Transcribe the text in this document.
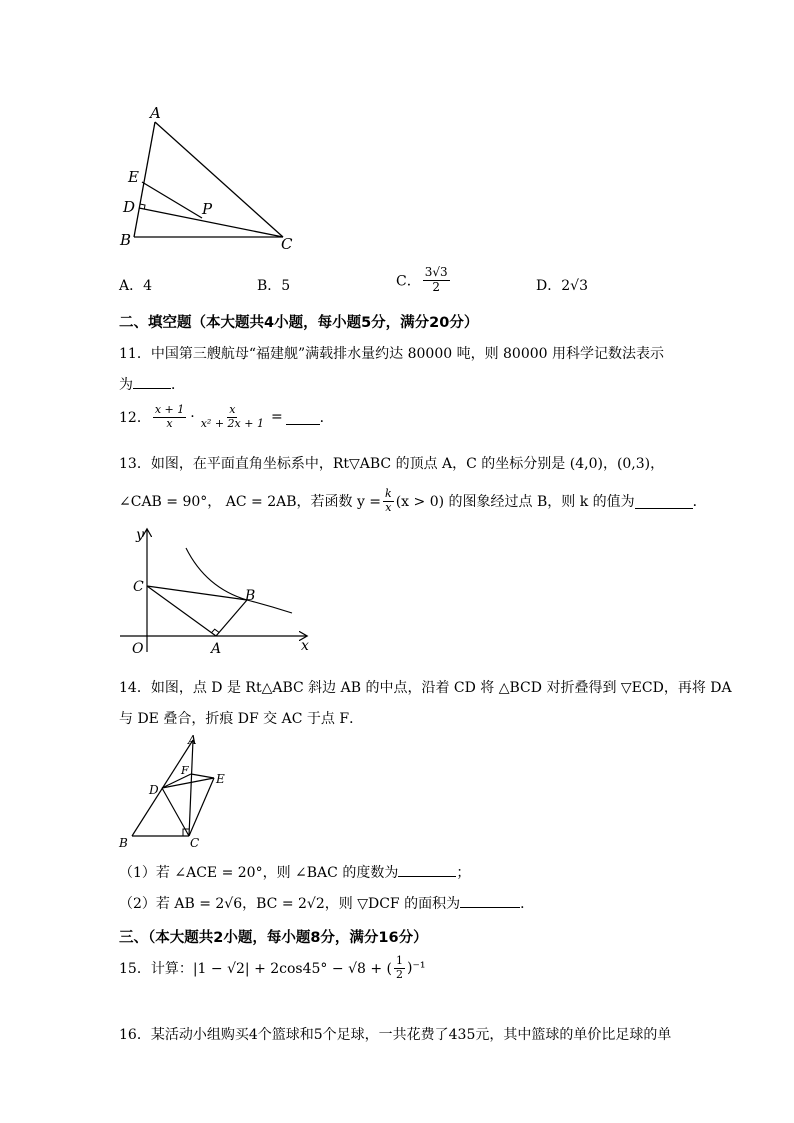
A
E
D	P
B	C
A．4	B．5	C． $\frac{3√3}{2}$	D．2√3
二、填空题（本大题共4小题，每小题5分，满分20分）
11．中国第三艘航母“福建舰”满载排水量约达 80000 吨，则 80000 用科学记数法表示
为	．
12． $\frac{x + 1}{x} \cdot \frac{x}{\text{x² + 2x + 1}}$ =	．
13．如图，在平面直角坐标系中，Rt▽ABC 的顶点 A，C 的坐标分别是 (4,0)，(0,3)，
∠CAB = 90°， AC = 2AB，若函数 $y = \frac{k}{x} (x > 0)$ 的图象经过点 B，则 k 的值为	．
C
B
O	A	x
y
14．如图，点 D 是 Rt△ABC 斜边 AB 的中点，沿着 CD 将 △BCD 对折叠得到 ▽ECD，再将 DA
与 DE 叠合，折痕 DF 交 AC 于点 F．
A
F
E
D
B	C
（1）若 ∠ACE = 20°，则 ∠BAC 的度数为	；
（2）若 AB = 2√6，BC = 2√2，则 ▽DCF 的面积为	．
三、（本大题共2小题，每小题8分，满分16分）
15． 计算：|1 − √2| + 2cos45° − √8 + ( $\frac{1}{2} )^{-1}$
16．某活动小组购买4个篮球和5个足球，一共花费了435元，其中篮球的单价比足球的单
